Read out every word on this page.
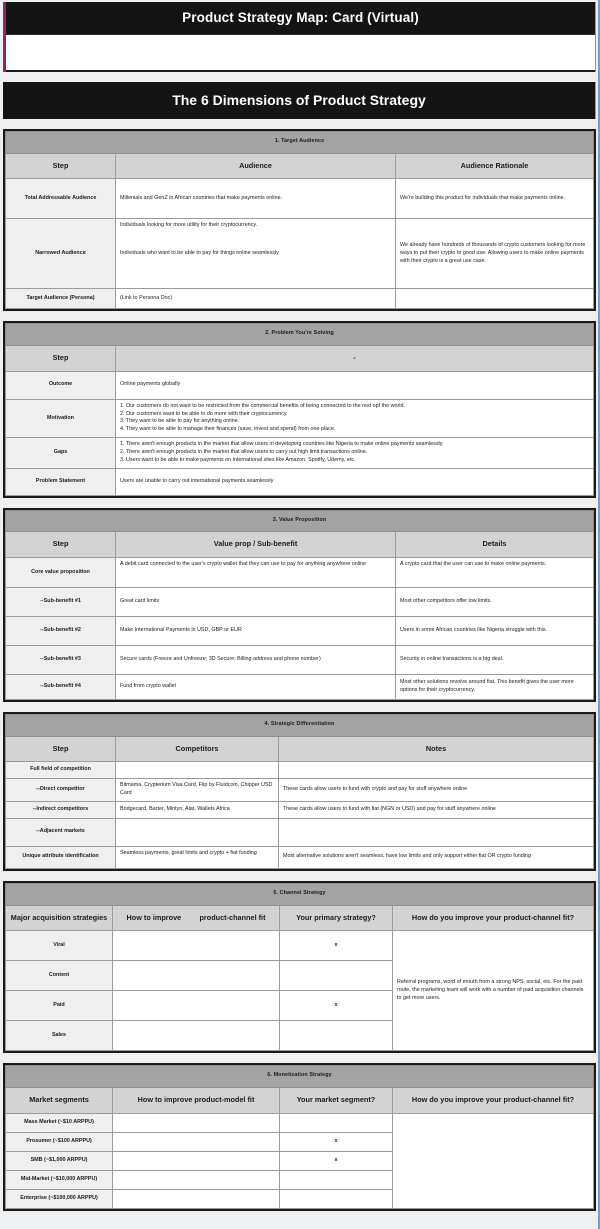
Product Strategy Map: Card (Virtual)
The 6 Dimensions of Product Strategy
1. Target Audience		
Step	Audience	Audience Rationale
Total Addressable Audience	Millenials and GenZ in African countries that make payments online.	We're building this product for individuals that make payments online.
Narrowed Audience	Individuals looking for more utility for their cryptocurrency.
Individuals who want to be able to pay for things online seamlessly	We already have hundreds of thousands of crypto customers looking for more ways to put their crypto to good use. Allowing users to make online payments with their crypto is a great use case.
Target Audience (Persona)	(Link to Persona Doc)	
2. Problem You're Solving	
Step	-
Outcome	Online payments globally
Motivation	1. Our customers do not want to be restricted from the commercial benefits of being connected to the rest opf the world.
2. Our customers want to be able to do more with their cryptocurrency.
3. They want to be able to pay for anything online.
4. They want to be able to manage their finances (save, invest and spend) from one place.

Gaps	1. There aren't enough products in the market that allow users in developing countries like Nigeria to make online payments seamlessly.
2. There aren't enough products in the market that allow users to carry out high limit transactions online.
3. Users want to be able to make payments on international sites like Amazon, Spotify, Udemy, etc.

Problem Statement	Users are unable to carry out international payments seamlessly
3. Value Proposition		
Step	Value prop / Sub-benefit	Details
Core value proposition	A debit card connected to the user's crypto wallet that they can use to pay for anything anywhere online	A crypto card that the user can use to make online payments.
--Sub-benefit #1	Great card limits	Most other competitors offer low limits.
--Sub-benefit #2	Make International Payments in USD, GBP or EUR	Users in some African countries like Nigeria struggle with this.
--Sub-benefit #3	Secure cards (Freeze and Unfreeze; 3D Secure; Billing address and phone number)	Security in online transactions is a big deal.
--Sub-benefit #4	Fund from crypto wallet	Most other solutions revolve around fiat. This benefit gives the user more options for their cryptocurrency.
4. Strategic Differentiation		
Step	Competitors	Notes
Full field of competition		
--Direct competitor	Bitmama, Crypterium Visa Card, Flip by Fluidcoin, Chipper USD Card	These cards allow users to fund with crypto and pay for stuff anywhere online
--Indirect competitors	Bridgecard, Barter, Mintyn, Alat, Wallets Africa	These cards allow users to fund with fiat (NGN or USD) and pay for stuff anywhere online
--Adjacent markets		
Unique attribute identification	Seamless payments, great limits and crypto + fiat funding	Most alternative solutions aren't seamless, have low limits and only support either fiat OR crypto funding
5. Channel Strategy			
Major acquisition strategies	How to improve         product-channel fit	Your primary strategy?	How do you improve your product-channel fit?
Viral		x	Referral programs, word of mouth from a strong NPS, social, etc. For the paid route, the marketing team will work with a number of paid acquisition channels to get more users.
Content			
Paid		x	
Sales			
6. Monetization Strategy			
Market segments	How to improve product-model fit	Your market segment?	How do you improve your product-channel fit?
Mass Market (~$10 ARPPU)			
Prosumer (~$100 ARPPU)		x	
SMB (~$1,000 ARPPU)		x	
Mid-Market (~$10,000 ARPPU)			
Enterprise (~$100,000 ARPPU)			
